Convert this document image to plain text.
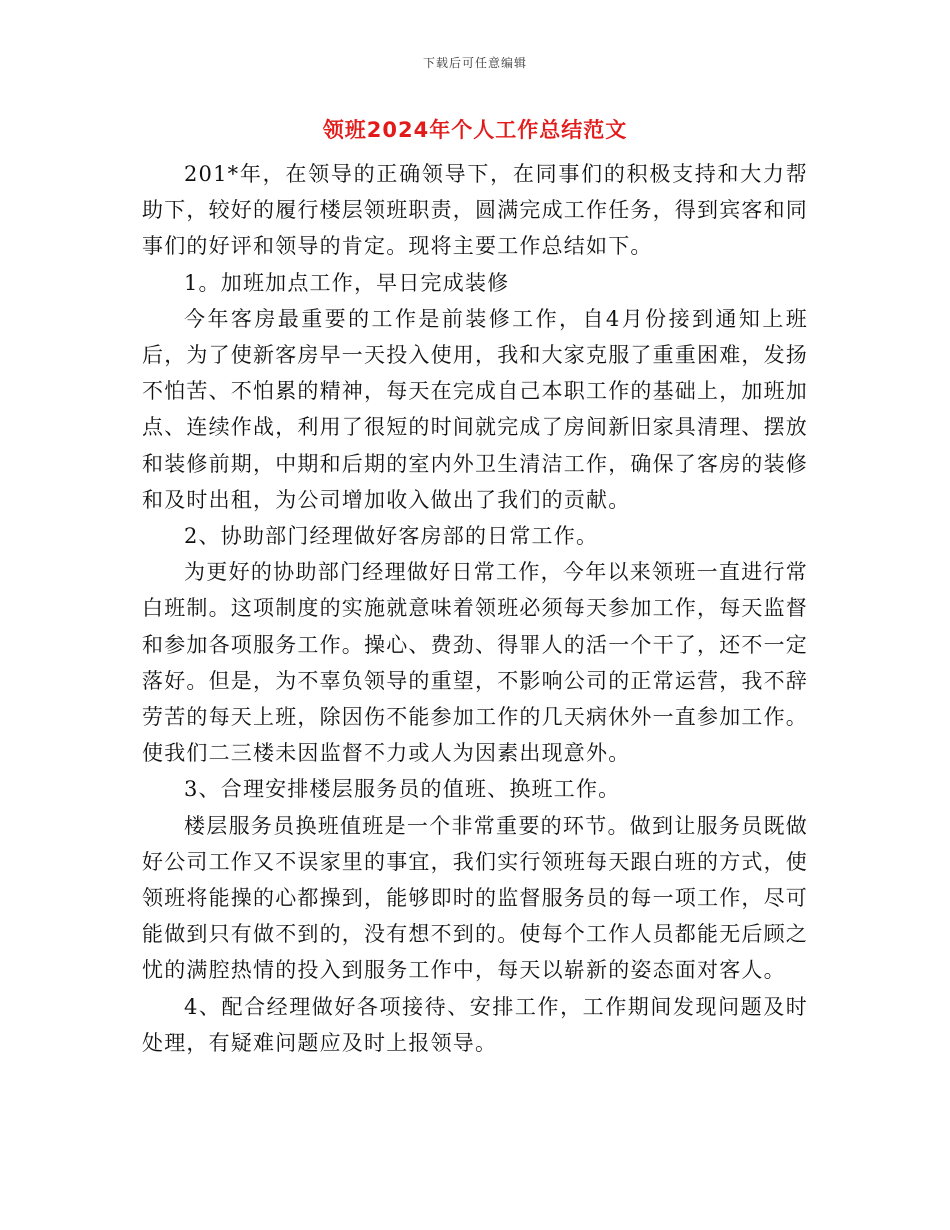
下载后可任意编辑
领班2024年个人工作总结范文

201*年，在领导的正确领导下，在同事们的积极支持和大力帮助下，较好的履行楼层领班职责，圆满完成工作任务，得到宾客和同事们的好评和领导的肯定。现将主要工作总结如下。

1。加班加点工作，早日完成装修

今年客房最重要的工作是前装修工作，自4月份接到通知上班后，为了使新客房早一天投入使用，我和大家克服了重重困难，发扬不怕苦、不怕累的精神，每天在完成自己本职工作的基础上，加班加点、连续作战，利用了很短的时间就完成了房间新旧家具清理、摆放和装修前期，中期和后期的室内外卫生清洁工作，确保了客房的装修和及时出租，为公司增加收入做出了我们的贡献。

2、协助部门经理做好客房部的日常工作。

为更好的协助部门经理做好日常工作，今年以来领班一直进行常白班制。这项制度的实施就意味着领班必须每天参加工作，每天监督和参加各项服务工作。操心、费劲、得罪人的活一个干了，还不一定落好。但是，为不辜负领导的重望，不影响公司的正常运营，我不辞劳苦的每天上班，除因伤不能参加工作的几天病休外一直参加工作。使我们二三楼未因监督不力或人为因素出现意外。

3、合理安排楼层服务员的值班、换班工作。

楼层服务员换班值班是一个非常重要的环节。做到让服务员既做好公司工作又不误家里的事宜，我们实行领班每天跟白班的方式，使领班将能操的心都操到，能够即时的监督服务员的每一项工作，尽可能做到只有做不到的，没有想不到的。使每个工作人员都能无后顾之忧的满腔热情的投入到服务工作中，每天以崭新的姿态面对客人。

4、配合经理做好各项接待、安排工作，工作期间发现问题及时处理，有疑难问题应及时上报领导。
